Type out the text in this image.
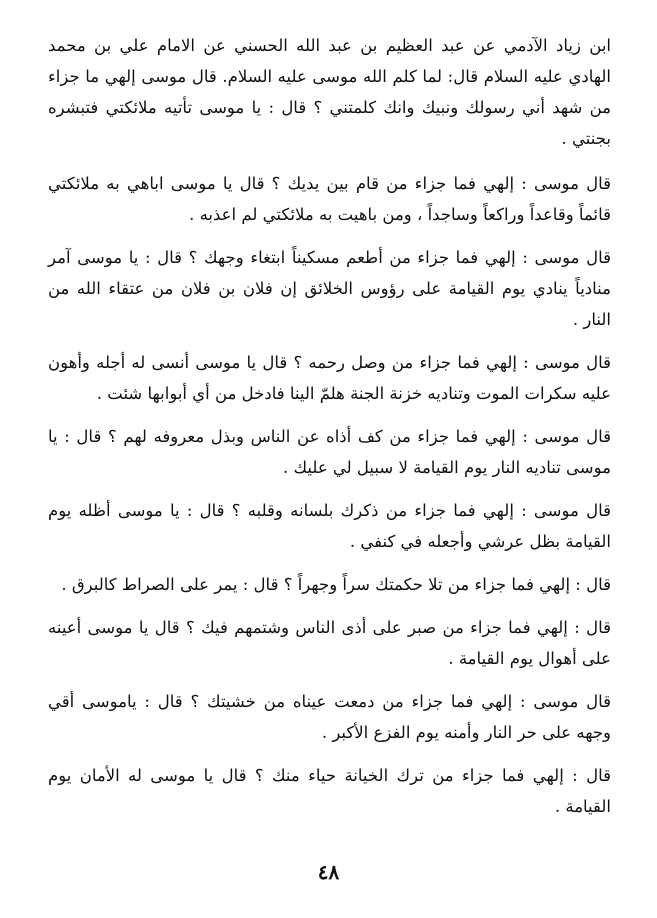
ابن زياد الآدمي عن عبد العظيم بن عبد الله الحسني عن الامام علي بن محمد الهادي عليه السلام قال: لما كلم الله موسى عليه السلام. قال موسى إلهي ما جزاء من شهد أني رسولك ونبيك وانك كلمتني ؟ قال : يا موسى تأتيه ملائكتي فتبشره بجنتي .

قال موسى : إلهي فما جزاء من قام بين يديك ؟ قال يا موسى اباهي به ملائكتي قائماً وقاعداً وراكعاً وساجداً ، ومن باهيت به ملائكتي لم اعذبه .

قال موسى : إلهي فما جزاء من أطعم مسكيناً ابتغاء وجهك ؟ قال : يا موسى آمر منادياً ينادي يوم القيامة على رؤوس الخلائق إن فلان بن فلان من عتقاء الله من النار .

قال موسى : إلهي فما جزاء من وصل رحمه ؟ قال يا موسى أنسى له أجله وأهون عليه سكرات الموت وتناديه خزنة الجنة هلمّ الينا فادخل من أي أبوابها شئت .

قال موسى : إلهي فما جزاء من كف أذاه عن الناس وبذل معروفه لهم ؟ قال : يا موسى تناديه النار يوم القيامة لا سبيل لي عليك .

قال موسى : إلهي فما جزاء من ذكرك بلسانه وقلبه ؟ قال : يا موسى أظله يوم القيامة بظل عرشي وأجعله في كنفي .

قال : إلهي فما جزاء من تلا حكمتك سراً وجهراً ؟ قال : يمر على الصراط كالبرق .

قال : إلهي فما جزاء من صبر على أذى الناس وشتمهم فيك ؟ قال يا موسى أعينه على أهوال يوم القيامة .

قال موسى : إلهي فما جزاء من دمعت عيناه من خشيتك ؟ قال : ياموسى أقي وجهه على حر النار وأمنه يوم الفزع الأكبر .

قال : إلهي فما جزاء من ترك الخيانة حياء منك ؟ قال يا موسى له الأمان يوم القيامة .

٤٨
